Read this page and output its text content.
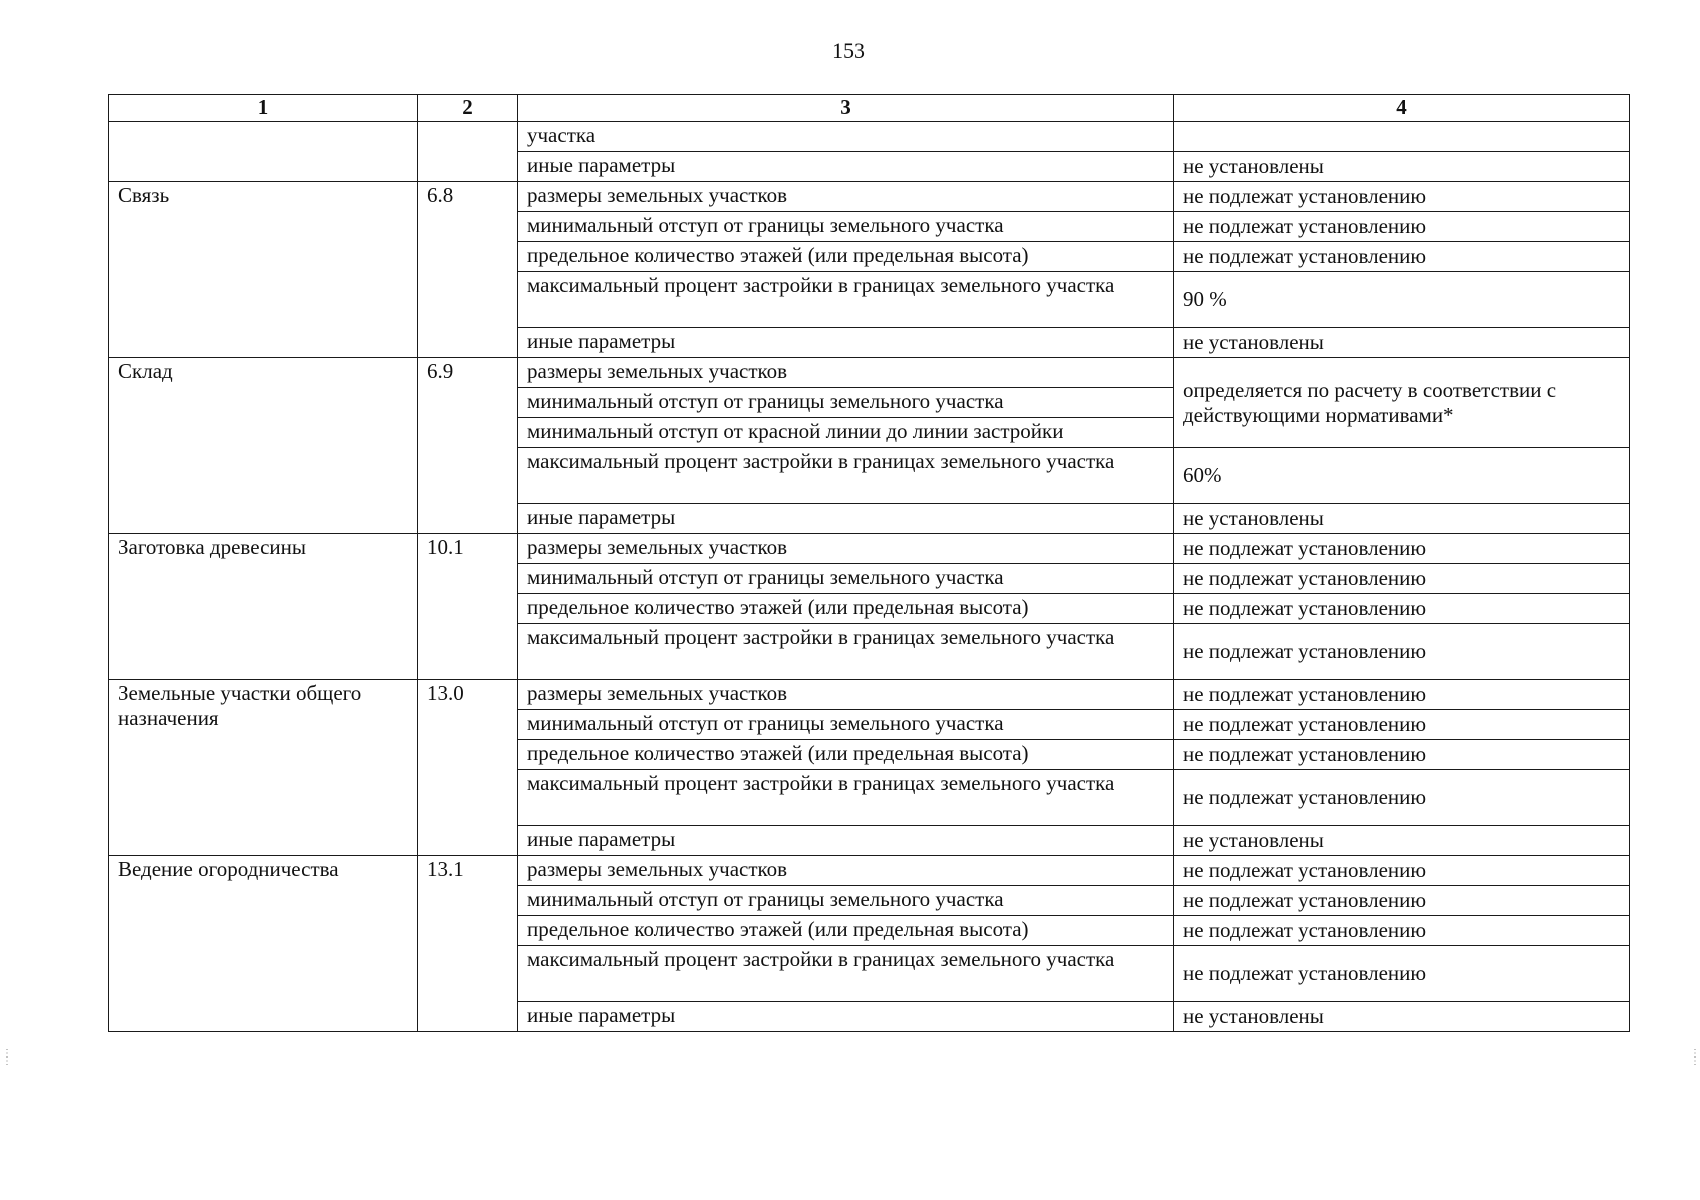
153
1	2	3	4
		участка	
		иные параметры	не установлены
Связь	6.8	размеры земельных участков	не подлежат установлению
		минимальный отступ от границы земельного участка	не подлежат установлению
		предельное количество этажей (или предельная высота)	не подлежат установлению
		максимальный процент застройки в границах земельного участка	90 %
		иные параметры	не установлены
Склад	6.9	размеры земельных участков	определяется по расчету в соответствии с действующими нормативами*
		минимальный отступ от границы земельного участка	
		минимальный отступ от красной линии до линии застройки	
		максимальный процент застройки в границах земельного участка	60%
		иные параметры	не установлены
Заготовка древесины	10.1	размеры земельных участков	не подлежат установлению
		минимальный отступ от границы земельного участка	не подлежат установлению
		предельное количество этажей (или предельная высота)	не подлежат установлению
		максимальный процент застройки в границах земельного участка	не подлежат установлению
Земельные участки общего назначения	13.0	размеры земельных участков	не подлежат установлению
		минимальный отступ от границы земельного участка	не подлежат установлению
		предельное количество этажей (или предельная высота)	не подлежат установлению
		максимальный процент застройки в границах земельного участка	не подлежат установлению
		иные параметры	не установлены
Ведение огородничества	13.1	размеры земельных участков	не подлежат установлению
		минимальный отступ от границы земельного участка	не подлежат установлению
		предельное количество этажей (или предельная высота)	не подлежат установлению
		максимальный процент застройки в границах земельного участка	не подлежат установлению
		иные параметры	не установлены
⋮
⋮
⋮
⋮
